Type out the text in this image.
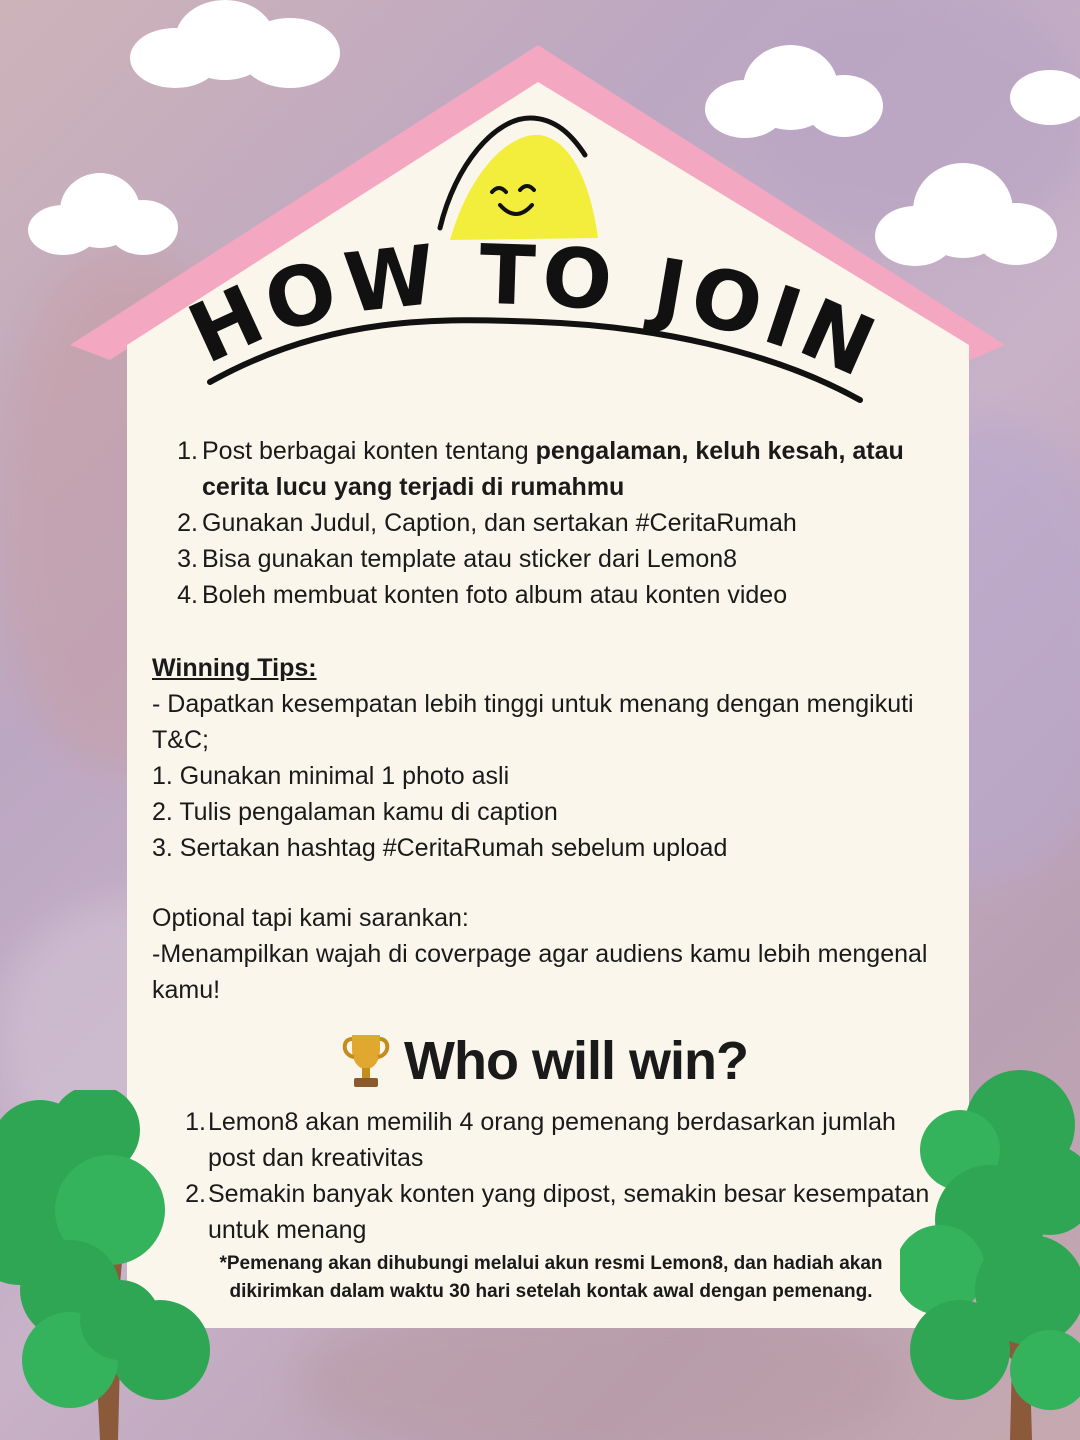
HOW TO JOIN
1. Post berbagai konten tentang pengalaman, keluh kesah, atau cerita lucu yang terjadi di rumahmu
2. Gunakan Judul, Caption, dan sertakan #CeritaRumah
3. Bisa gunakan template atau sticker dari Lemon8
4. Boleh membuat konten foto album atau konten video
Winning Tips:
- Dapatkan kesempatan lebih tinggi untuk menang dengan mengikuti T&C;
1. Gunakan minimal 1 photo asli
2. Tulis pengalaman kamu di caption
3. Sertakan hashtag #CeritaRumah sebelum upload
Optional tapi kami sarankan:
-Menampilkan wajah di coverpage agar audiens kamu lebih mengenal kamu!
Who will win?
1. Lemon8 akan memilih 4 orang pemenang berdasarkan jumlah post dan kreativitas
2. Semakin banyak konten yang dipost, semakin besar kesempatan untuk menang
*Pemenang akan dihubungi melalui akun resmi Lemon8, dan hadiah akan dikirimkan dalam waktu 30 hari setelah kontak awal dengan pemenang.
